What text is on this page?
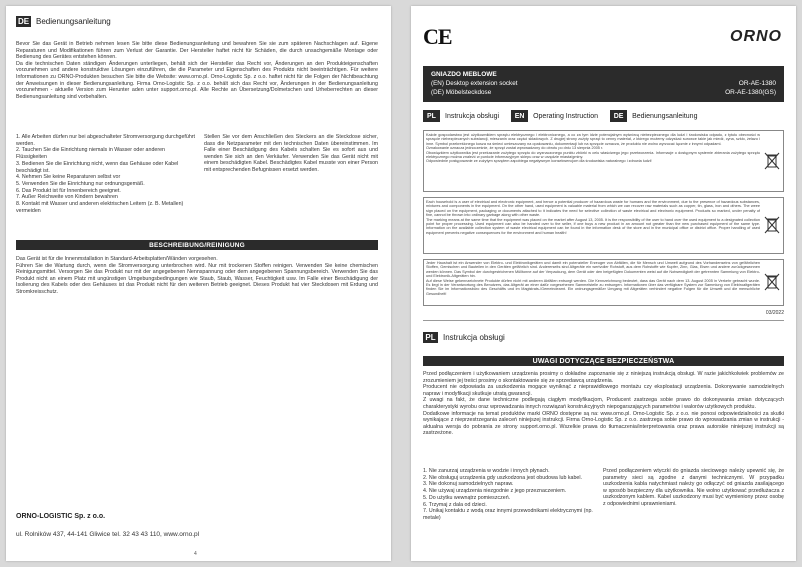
DE Bedienungsanleitung
Bevor Sie das Gerät in Betrieb nehmen lesen Sie bitte diese Bedienungsanleitung und bewahren Sie sie zum späteren Nachschlagen auf. Eigene Reparaturen und Modifikationen führen zum Verlust der Garantie. Der Hersteller haftet nicht für Schäden, die durch unsachgemäße Montage oder Bedienung des Gerätes entstehen können.
Da die technischen Daten ständigen Änderungen unterliegen, behält sich der Hersteller das Recht vor, Änderungen an den Produkteigenschaften vorzunehmen und andere konstruktive Lösungen einzuführen, die die Parameter und Eigenschaften des Produkts nicht beeinträchtigen. Für weitere Informationen zu ORNO-Produkten besuchen Sie bitte die Website: www.orno.pl. Orno-Logistic Sp. z o.o. haftet nicht für die Folgen der Nichtbeachtung der Anweisungen in dieser Bedienungsanleitung. Firma Orno-Logistic Sp. z o.o. behält sich das Recht vor, Änderungen in der Bedienungsanleitung vorzunehmen - aktuelle Version zum Herunter aden unter support.orno.pl. Alle Rechte an Übersetzung/Dolmetschen und Urheberrechten an dieser Bedienungsanleitung sind vorbehalten.
1. Alle Arbeiten dürfen nur bei abgeschalteter Stromversorgung durchgeführt werden.
2. Tauchen Sie die Einrichtung niemals in Wasser oder anderen Flüssigkeiten
3. Bedienen Sie die Einrichtung nicht, wenn das Gehäuse oder Kabel beschädigt ist.
4. Nehmen Sie keine Reparaturen selbst vor
5. Verwenden Sie die Einrichtung nur ordnungsgemäß.
6. Das Produkt ist für Innenbereich geeignet.
7. Außer Reichweite von Kindern bewahren
8. Kontakt mit Wasser und anderen elektrischen Leitern (z. B. Metallen) vermeiden
Stellen Sie vor dem Anschließen des Steckers an die Steckdose sicher, dass die Netzparameter mit den technischen Daten übereinstimmen. Im Falle einer Beschädigung des Kabels schalten Sie es sofort aus und wenden Sie sich an den Verkäufer. Verwenden Sie das Gerät nicht mit einem beschädigten Kabel. Beschädigtes Kabel musste von einer Person mit entsprechenden Befugnissen ersetzt werden.
BESCHREIBUNG/REINIGUNG
Das Gerät ist für die Innenmstallation in Standard-Arbeitsplatten/Wänden vorgesehen.
Führen Sie die Wartung durch, wenn die Stromversorgung unterbrochen wird. Nur mit trockenen Stoffen reinigen. Verwenden Sie keine chemischen Reinigungsmittel. Versorgen Sie das Produkt nur mit der angegebenen Nennspannung oder dem angegebenen Spannungsbereich. Verwenden Sie das Produkt nicht an einem Platz mit ungünstigen Umgebungsbedingungen wie Staub, Staub, Wasser, Feuchtigkeit usw. Im Falle einer Beschädigung der Isolierung des Kabels oder des Gehäuses ist das Produkt nicht für den weiteren Betrieb geeignet. Dieses Produkt hat vier Steckdosen mit Erdung und Stromkreisschutz.
ORNO-LOGISTIC Sp. z o.o.
ul. Rolników 437, 44-141 Gliwice tel. 32 43 43 110, www.orno.pl
4
CE	ORNO
GNIAZDO MEBLOWE
(EN) Desktop extension socket
(DE) Möbelsteckdose
OR-AE-1380
OR-AE-1380(GS)
PL	Instrukcja obsługi	EN	Operating Instruction	DE	Bedienungsanleitung
Każde gospodarstwo jest użytkownikiem sprzętu elektrycznego i elektronicznego, a co za tym idzie potencjalnym wytwórcą niebezpiecznego dla ludzi i środowiska odpadu, z tytułu obecności w sprzęcie niebezpiecznych substancji, mieszanin oraz części składowych. Z drugiej strony zużyty sprzęt to cenny materiał, z którego możemy odzyskać surowce takie jak miedź, cyna, szkło, żelazo i inne. Symbol przekreślonego kosza na śmieci umieszczany na opakowaniu, dokumentacji lub na sprzęcie oznacza, że produktu nie wolno wyrzucać łącznie z innymi odpadami.
Oznakowanie oznacza jednocześnie, że sprzęt został wprowadzony do obrotu po dniu 13 sierpnia 2005 r.
Obowiązkiem użytkownika jest przekazanie zużytego sprzętu do wyznaczonego punktu zbiórki w celu właściwego jego przetworzenia. Informacje o dostępnym systemie zbierania zużytego sprzętu elektrycznego można znaleźć w punkcie informacyjnym sklepu oraz w urzędzie miasta/gminy.
Odpowiednie postępowanie ze zużytym sprzętem zapobiega negatywnym konsekwencjom dla środowiska naturalnego i zdrowia ludzi!
Each household is a user of electrical and electronic equipment, and hence a potential producer of hazardous waste for humans and the environment, due to the presence of hazardous substances, mixtures and components in the equipment. On the other hand, used equipment is valuable material from which we can recover raw materials such as copper, tin, glass, iron and others. The weee sign placed on the equipment, packaging or documents attached to it indicates the need for selective collection of waste electrical and electronic equipment. Products so marked, under penalty of fine, cannot be thrown into ordinary garbage along with other waste.
The marking means at the same time that the equipment was placed on the market after August 13, 2005. It is the responsibility of the user to hand over the used equipment to a designated collection point for proper processing. Used equipment can also be handed over to the seller, if one buys a new product in an amount not greater than the new purchased equipment of the same type. Information on the available collection system of waste electrical equipment can be found in the information desk of the store and in the municipal office or district office. Proper handling of used equipment prevents negative consequences for the environment and human health!
Jeder Haushalt ist ein Anwender von Elektro- und Elektronikgeräten und damit ein potenzieller Erzeuger von Abfällen, die für Mensch und Umwelt aufgrund des Vorhandenseins von gefährlichen Stoffen, Gemischen und Bauteilen in den Geräten gefährlich sind. Andererseits sind Altgeräte ein wertvoller Rohstoff, aus dem Rohstoffe wie Kupfer, Zinn, Glas, Eisen und andere zurückgewonnen werden können. Das Symbol der durchgestrichenen Mülltonne auf der Verpackung, dem Gerät oder den beigefügten Dokumenten weist auf die Notwendigkeit der getrennten Sammlung von Elektro- und Elektronik-Altgeräten hin.
Auf diese Weise gekennzeichnete Produkte dürfen nicht mit anderen Abfällen entsorgt werden. Die Kennzeichnung bedeutet, dass das Gerät nach dem 13. August 2005 in Verkehr gebracht wurde. Es liegt in der Verantwortung des Benutzers, das Altgerät an einer dafür vorgesehenen Sammelstelle zu entsorgen. Informationen über das verfügbare System zur Sammlung von Elektroaltgeräten finden Sie im Informationsbüro des Geschäfts und im Magistrats-/Gemeindeamt. Ein ordnungsgemäßer Umgang mit Altgeräten verhindert negative Folgen für die Umwelt und die menschliche Gesundheit!
03/2022
PL Instrukcja obsługi
UWAGI DOTYCZĄCE BEZPIECZEŃSTWA
Przed podłączeniem i użytkowaniem urządzenia prosimy o dokładne zapoznanie się z niniejszą instrukcją obsługi. W razie jakichkolwiek problemów ze zrozumieniem jej treści prosimy o skontaktowanie się ze sprzedawcą urządzenia.
Producent nie odpowiada za uszkodzenia mogące wyniknąć z nieprawidłowego montażu czy eksploatacji urządzenia. Dokonywanie samodzielnych napraw i modyfikacji skutkuje utratą gwarancji.
Z uwagi na fakt, że dane techniczne podlegają ciągłym modyfikacjom, Producent zastrzega sobie prawo do dokonywania zmian dotyczących charakterystyki wyrobu oraz wprowadzania innych rozwiązań konstrukcyjnych niepogarszających parametrów i walorów użytkowych produktu.
Dodatkowe informacje na temat produktów marki ORNO dostępne są na: www.orno.pl. Orno-Logistic Sp. z o.o. nie ponosi odpowiedzialności za skutki wynikające z nieprzestrzegania zaleceń niniejszej instrukcji. Firma Orno-Logistic Sp. z o.o. zastrzega sobie prawo do wprowadzania zmian w instrukcji - aktualna wersja do pobrania ze strony support.orno.pl. Wszelkie prawa do tłumaczenia/interpretowania oraz prawa autorskie niniejszej instrukcji są zastrzeżone.
1. Nie zanurzaj urządzenia w wodzie i innych płynach.
2. Nie obsługuj urządzenia gdy uszkodzona jest obudowa lub kabel.
3. Nie dokonuj samodzielnych napraw.
4. Nie używaj urządzenia niezgodnie z jego przeznaczeniem.
5. Do użytku wewnątrz pomieszczeń.
6. Trzymaj z dala od dzieci.
7. Unikaj kontaktu z wodą oraz innymi przewodnikami elektrycznymi (np. metale)
Przed podłączeniem wtyczki do gniazda sieciowego należy upewnić się, że parametry sieci są zgodne z danymi technicznymi. W przypadku uszkodzenia kabla natychmiast należy go odłączyć od gniazda zasilającego w sposób bezpieczny dla użytkownika. Nie wolno użytkować przedłużacza z uszkodzonym kablem. Kabel uszkodzony musi być wymieniony przez osobę z odpowiednimi uprawnieniami.
